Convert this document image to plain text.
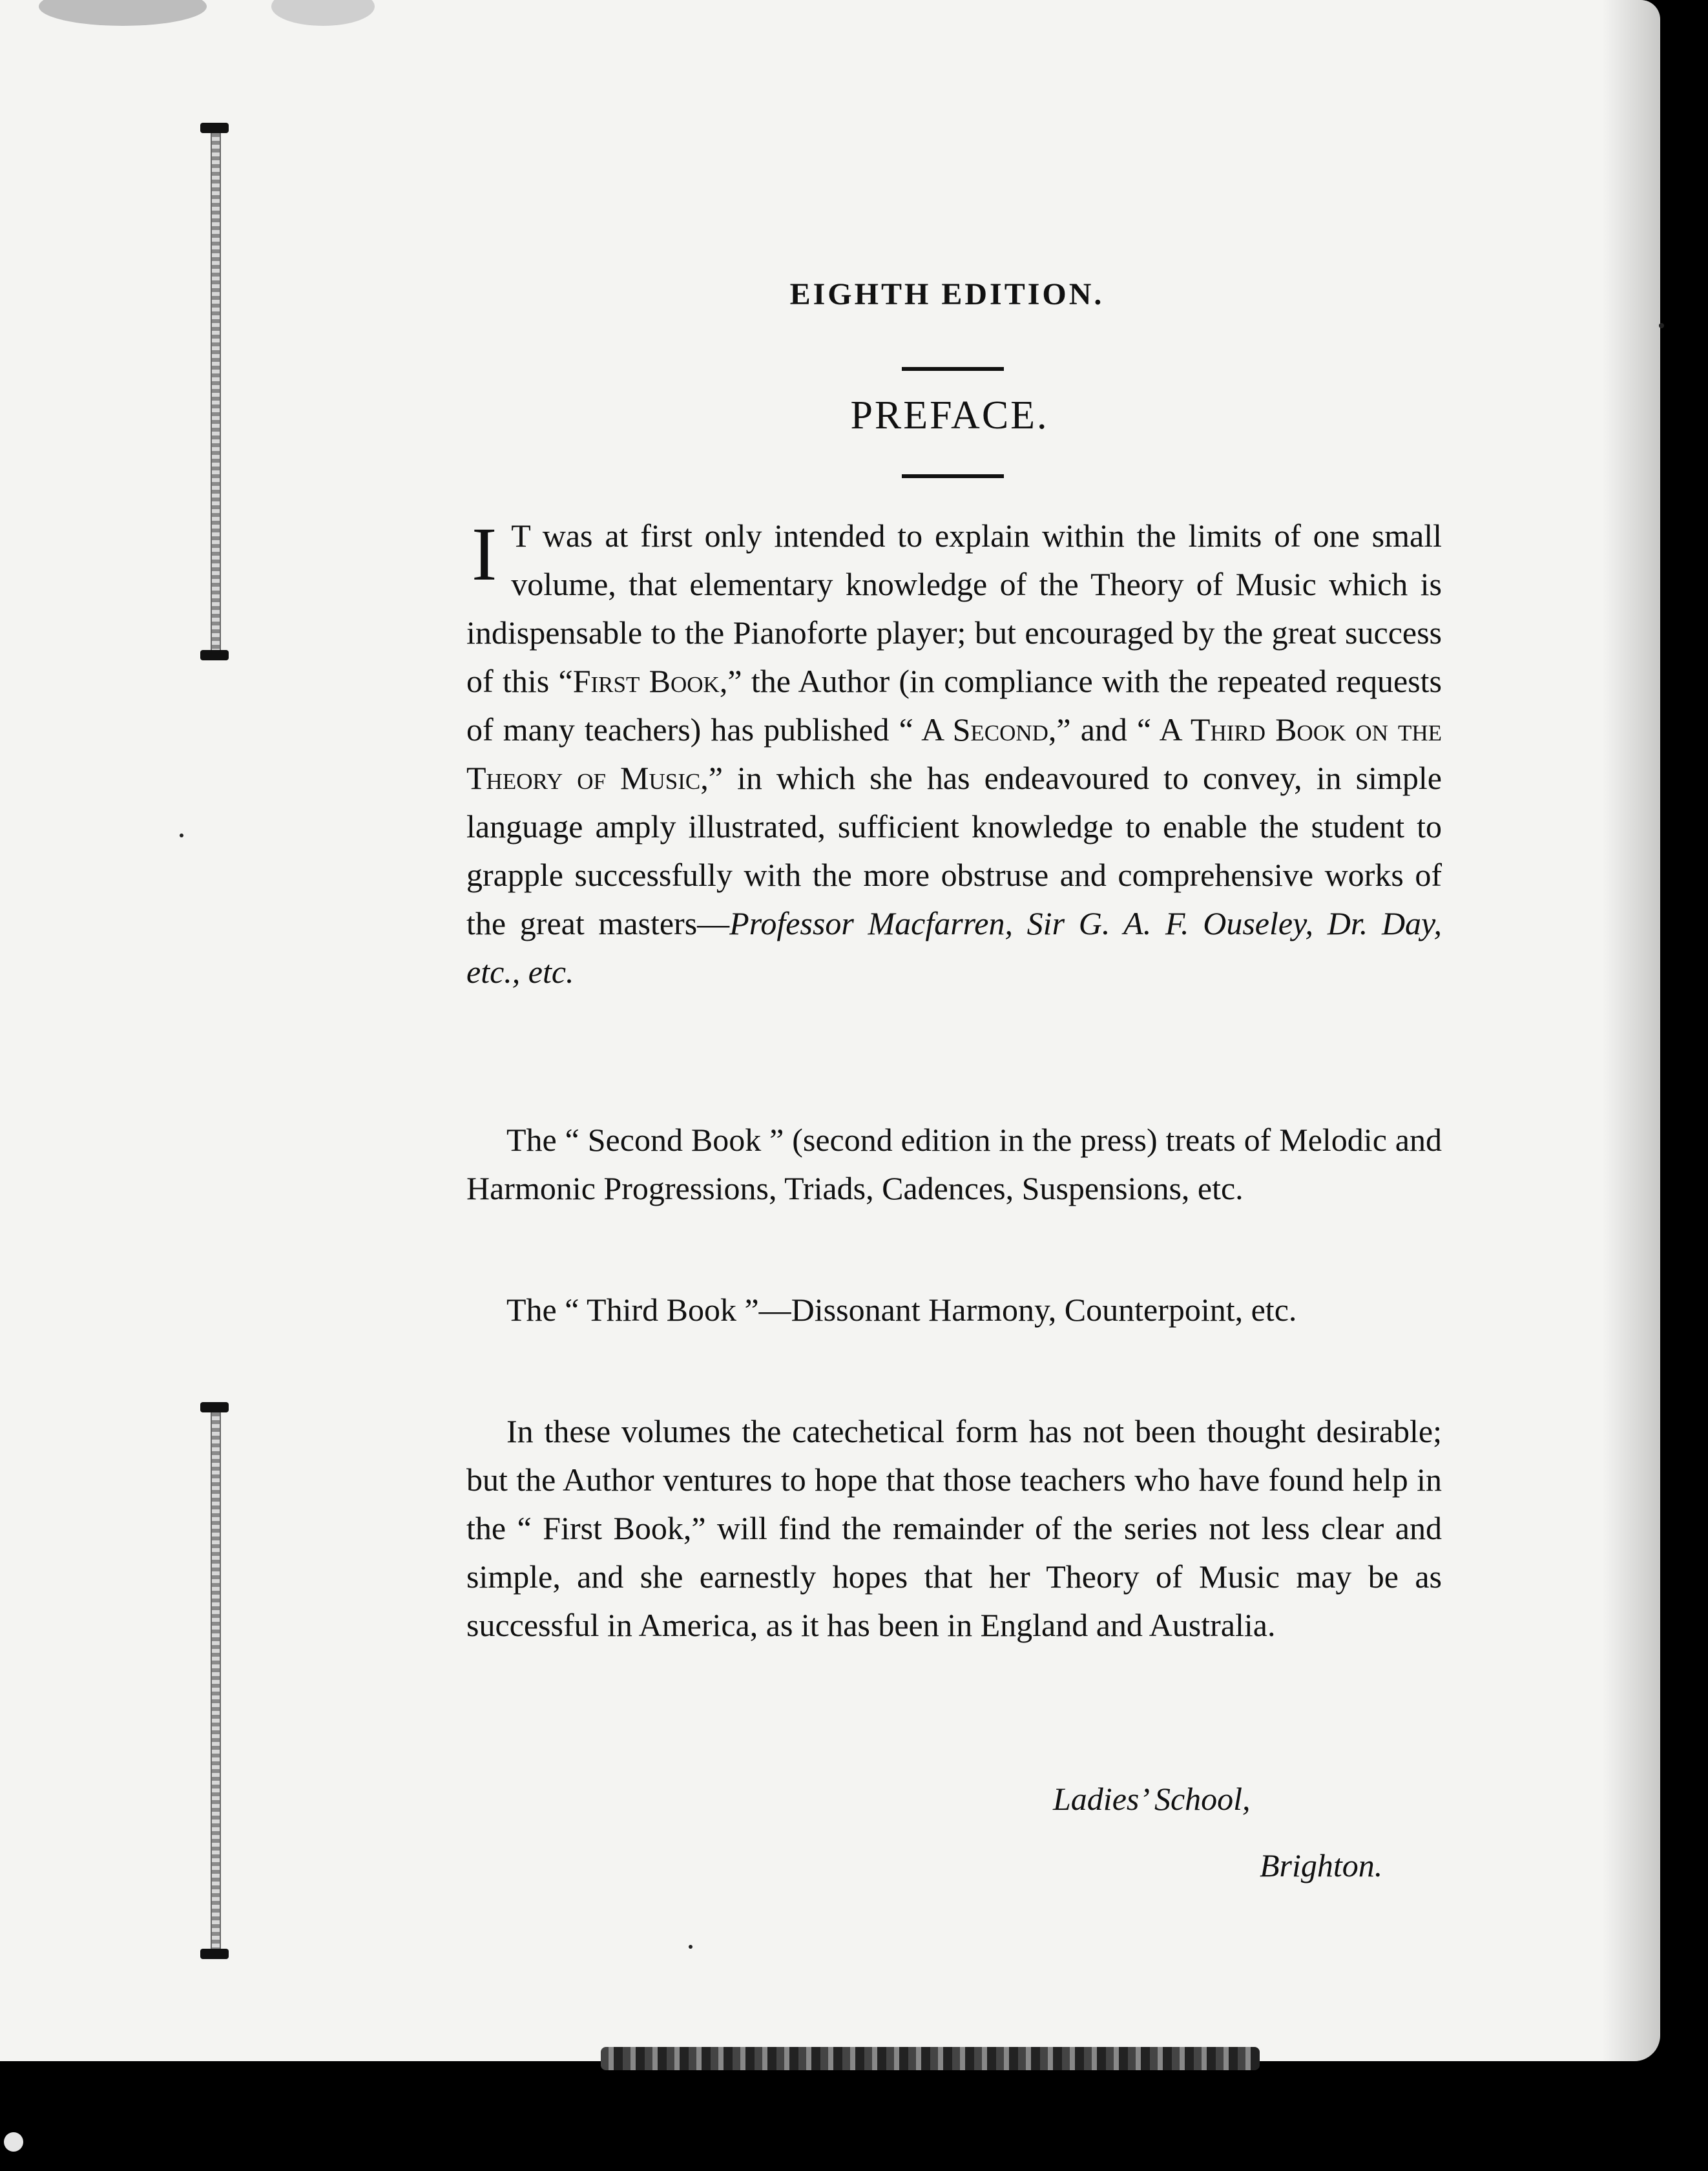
EIGHTH EDITION.
PREFACE.
I T was at first only intended to explain within the limits of one small volume, that elementary knowledge of the Theory of Music which is indispensable to the Pianoforte player; but encouraged by the great success of this “First Book,” the Author (in compliance with the repeated requests of many teachers) has published “ A Second,” and “ A Third Book on the Theory of Music,” in which she has endeavoured to convey, in simple language amply illustrated, sufficient knowledge to enable the student to grapple successfully with the more obstruse and comprehensive works of the great masters—Professor Macfarren, Sir G. A. F. Ouseley, Dr. Day, etc., etc.
The “ Second Book ” (second edition in the press) treats of Melodic and Harmonic Progressions, Triads, Cadences, Suspensions, etc.
The “ Third Book ”—Dissonant Harmony, Counterpoint, etc.
In these volumes the catechetical form has not been thought desirable; but the Author ventures to hope that those teachers who have found help in the “ First Book,” will find the remainder of the series not less clear and simple, and she earnestly hopes that her Theory of Music may be as successful in America, as it has been in England and Australia.
Ladies’ School,
Brighton.
